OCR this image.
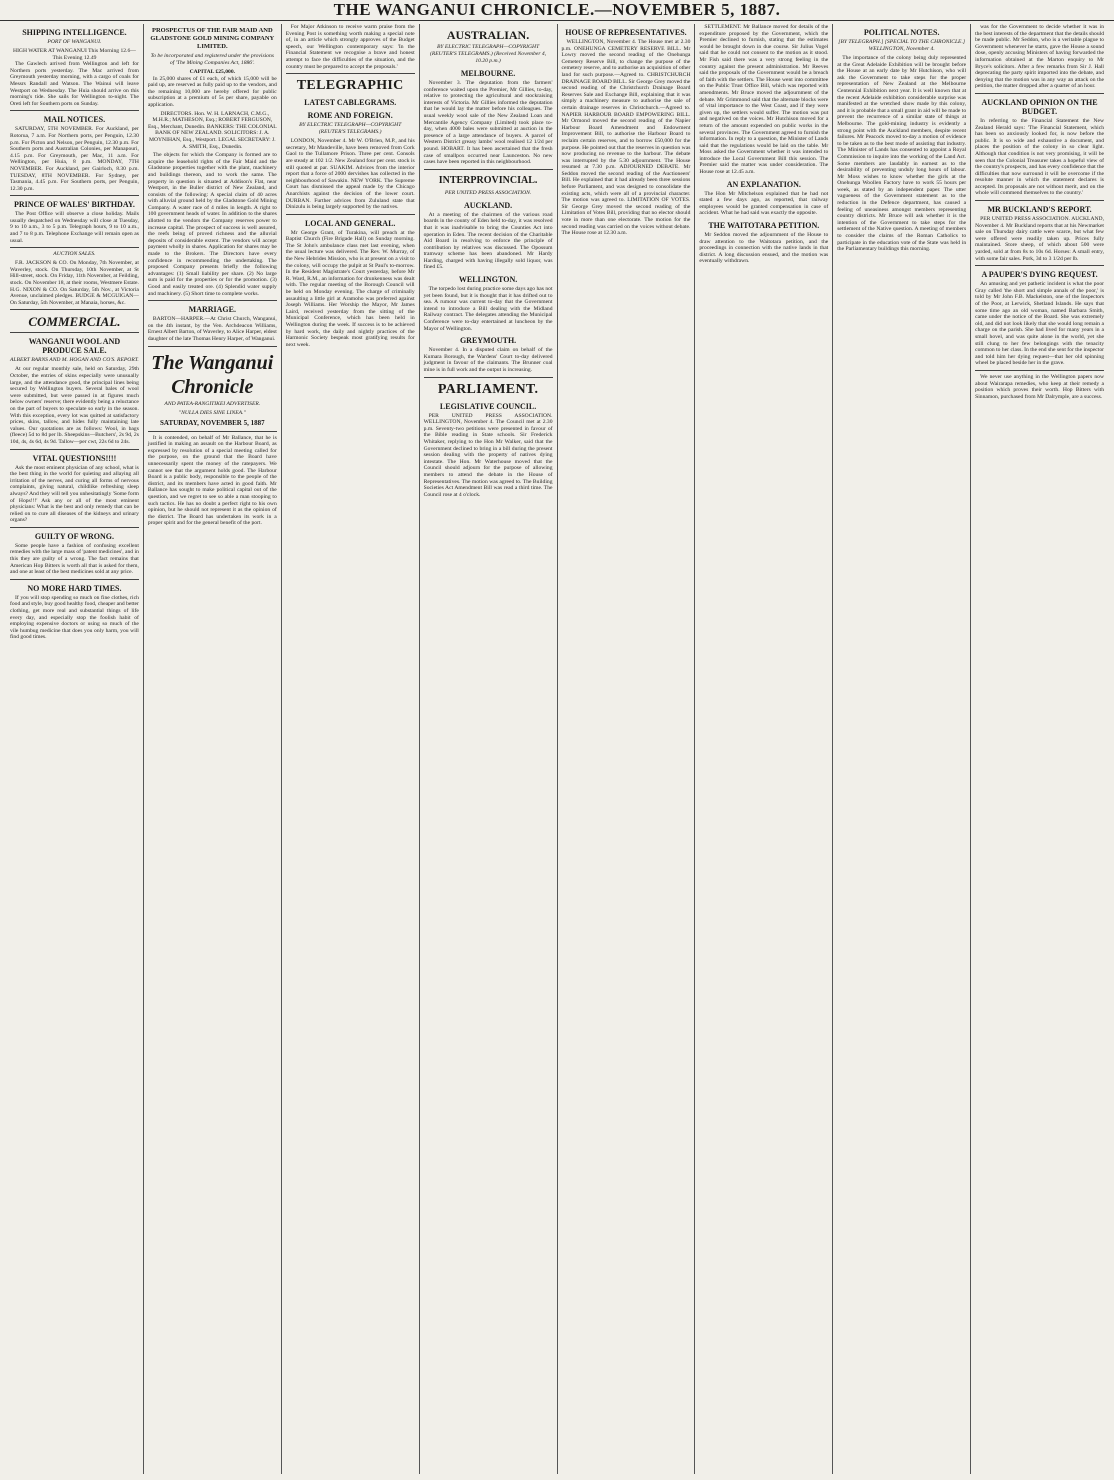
THE WANGANUI CHRONICLE.—NOVEMBER 5, 1887.
SHIPPING INTELLIGENCE.
PORT OF WANGANUI.
HIGH WATER AT WANGANUI This Morning 12.6—This Evening 12.49
The Gawlech arrived from Wellington and left for Northern ports yesterday. The Mac arrived from Greymouth yesterday morning, with a cargo of coals for Messrs Randall and Watson. The Wainui will leave Westport on Wednesday. The Huia should arrive on this morning's tide. She sails for Wellington to-night. The Oreti left for Southern ports on Sunday.
MAIL NOTICES.
SATURDAY, 5TH NOVEMBER. For Auckland, per Rotorua, 7 a.m. For Northern ports, per Penguin, 12.30 p.m. For Picton and Nelson, per Penguin, 12.30 p.m. For Southern ports and Australian Colonies, per Manapouri, 4.15 p.m. For Greymouth, per Mac, 11 a.m. For Wellington, per Huia, 8 p.m. MONDAY, 7TH NOVEMBER. For Auckland, per Gairloch, 8.30 p.m. TUESDAY, 8TH NOVEMBER. For Sydney, per Tasmania, 4.45 p.m. For Southern ports, per Penguin, 12.30 p.m.
PRINCE OF WALES' BIRTHDAY.
The Post Office will observe a close holiday. Mails usually despatched on Wednesday will close at Tuesday, 9 to 10 a.m., 3 to 5 p.m. Telegraph hours, 9 to 10 a.m., and 7 to 8 p.m. Telephone Exchange will remain open as usual.
AUCTION SALES.
F.R. JACKSON & CO. On Monday, 7th November, at Waverley, stock. On Thursday, 10th November, at St Hill-street, stock. On Friday, 11th November, at Feilding, stock. On November 18, at their rooms, Westmere Estate. H.G. NIXON & CO. On Saturday, 5th Nov., at Victoria Avenue, unclaimed pledges. BUDGE & MCGUIGAN—On Saturday, 5th November, at Manaia, horses, &c.
COMMERCIAL.
WANGANUI WOOL AND PRODUCE SALE.
ALBERT BARNS AND M. HOGAN AND CO'S. REPORT.
At our regular monthly sale, held on Saturday, 29th October, the entries of skins especially were unusually large, and the attendance good, the principal lines being secured by Wellington buyers. Several bales of wool were submitted, but were passed in at figures much below owners' reserve; there evidently being a reluctance on the part of buyers to speculate so early in the season. With this exception, every lot was quitted at satisfactory prices, skins, tallow, and hides fully maintaining late values. Our quotations are as follows: Wool, in bags (fleece) 5d to 8d per lb. Sheepskins—Butchers', 2s 9d, 2s 10d, 4s, 4s 6d, 4s 9d. Tallow—per cwt, 22s 6d to 24s.
VITAL QUESTIONS!!!!
Ask the most eminent physician of any school, what is the best thing in the world for quieting and allaying all irritation of the nerves, and curing all forms of nervous complaints, giving natural, childlike refreshing sleep always? And they will tell you unhesitatingly 'Some form of Hops!!!' Ask any or all of the most eminent physicians: What is the best and only remedy that can be relied on to cure all diseases of the kidneys and urinary organs?
GUILTY OF WRONG.
Some people have a fashion of confusing excellent remedies with the large mass of 'patent medicines', and in this they are guilty of a wrong. The fact remains that American Hop Bitters is worth all that is asked for them, and one at least of the best medicines sold at any price.
NO MORE HARD TIMES.
If you will stop spending so much on fine clothes, rich food and style, buy good healthy food, cheaper and better clothing, get more real and substantial things of life every day, and especially stop the foolish habit of employing expensive doctors or using so much of the vile humbug medicine that does you only harm, you will find good times.
PROSPECTUS OF THE FAIR MAID AND GLADSTONE GOLD MINING COMPANY LIMITED.
To be incorporated and registered under the provisions of 'The Mining Companies Act, 1886'.
CAPITAL £25,000.
In 25,000 shares of £1 each, of which 15,000 will be paid up, are reserved as fully paid up to the vendors, and the remaining 10,000 are hereby offered for public subscription at a premium of 5s per share, payable on application.
DIRECTORS. Hon. W. H. LARNACH, C.M.G., M.H.R.; MATHESON, Esq.; ROBERT FERGUSON, Esq., Merchant, Dunedin. BANKERS: THE COLONIAL BANK OF NEW ZEALAND. SOLICITORS: J. A. MOYNIHAN, Esq., Westport. LEGAL SECRETARY: J. A. SMITH, Esq., Dunedin.
The objects for which the Company is formed are to acquire the leasehold rights of the Fair Maid and the Gladstone properties together with the plant, machinery and buildings thereon, and to work the same. The property in question is situated at Addison's Flat, near Westport, in the Buller district of New Zealand, and consists of the following: A special claim of 40 acres with alluvial ground held by the Gladstone Gold Mining Company. A water race of 4 miles in length. A right to 100 government heads of water. In addition to the shares allotted to the vendors the Company reserves power to increase capital. The prospect of success is well assured, the reefs being of proved richness and the alluvial deposits of considerable extent. The vendors will accept payment wholly in shares. Application for shares may be made to the Brokers. The Directors have every confidence in recommending the undertaking. The proposed Company presents briefly the following advantages: (1) Small liability per share. (2) No large sum is paid for the properties or for the promotion. (3) Good and easily treated ore. (4) Splendid water supply and machinery. (5) Short time to complete works.
MARRIAGE.
BARTON—HARPER.—At Christ Church, Wanganui, on the 4th instant, by the Ven. Archdeacon Williams, Ernest Albert Barton, of Waverley, to Alice Harper, eldest daughter of the late Thomas Henry Harper, of Wanganui.
The Wanganui Chronicle
AND PATEA-RANGITIKEI ADVERTISER.
"NULLA DIES SINE LINEA."
SATURDAY, NOVEMBER 5, 1887
It is contended, on behalf of Mr Ballance, that he is justified in making an assault on the Harbour Board, as expressed by resolution of a special meeting called for the purpose, on the ground that the Board have unnecessarily spent the money of the ratepayers. We cannot see that the argument holds good. The Harbour Board is a public body, responsible to the people of the district, and its members have acted in good faith. Mr Ballance has sought to make political capital out of the question, and we regret to see so able a man stooping to such tactics. He has no doubt a perfect right to his own opinion, but he should not represent it as the opinion of the district. The Board has undertaken its work in a proper spirit and for the general benefit of the port.
For Major Atkinson to receive warm praise from the Evening Post is something worth making a special note of, in an article which strongly approves of the Budget speech, our Wellington contemporary says: 'In the Financial Statement we recognise a brave and honest attempt to face the difficulties of the situation, and the country must be prepared to accept the proposals.'
TELEGRAPHIC
LATEST CABLEGRAMS.
ROME AND FOREIGN.
BY ELECTRIC TELEGRAPH—COPYRIGHT (REUTER'S TELEGRAMS.)
LONDON, November 4. Mr W. O'Brien, M.P., and his secretary, Mr Mandeville, have been removed from Cork Gaol to the Tullamore Prison. Three per cent. Consols are steady at 102 1/2. New Zealand four per cent. stock is still quoted at par. SUAKIM. Advices from the interior report that a force of 2000 dervishes has collected in the neighbourhood of Sawakin. NEW YORK. The Supreme Court has dismissed the appeal made by the Chicago Anarchists against the decision of the lower court. DURBAN. Further advices from Zululand state that Dinizulu is being largely supported by the natives.
LOCAL AND GENERAL.
Mr George Grant, of Turakina, will preach at the Baptist Church (Fire Brigade Hall) on Sunday morning. The St John's ambulance class met last evening, when the usual lecture was delivered. The Rev. W. Murray, of the New Hebrides Mission, who is at present on a visit to the colony, will occupy the pulpit at St Paul's to-morrow. In the Resident Magistrate's Court yesterday, before Mr R. Ward, R.M., an information for drunkenness was dealt with. The regular meeting of the Borough Council will be held on Monday evening. The charge of criminally assaulting a little girl at Aramoho was preferred against Joseph Williams. Her Worship the Mayor, Mr James Laird, received yesterday from the sitting of the Municipal Conference, which has been held in Wellington during the week. If success is to be achieved by hard work, the daily and nightly practices of the Harmonic Society bespeak most gratifying results for next week.
AUSTRALIAN.
BY ELECTRIC TELEGRAPH—COPYRIGHT (REUTER'S TELEGRAMS.) (Received November 4, 10.20 p.m.)
MELBOURNE.
November 3. The deputation from the farmers' conference waited upon the Premier, Mr Gillies, to-day, relative to protecting the agricultural and stockraising interests of Victoria. Mr Gillies informed the deputation that he would lay the matter before his colleagues. The usual weekly wool sale of the New Zealand Loan and Mercantile Agency Company (Limited) took place to-day, when 4000 bales were submitted at auction in the presence of a large attendance of buyers. A parcel of Western District greasy lambs' wool realised 12 1/2d per pound. HOBART. It has been ascertained that the fresh case of smallpox occurred near Launceston. No new cases have been reported in this neighbourhood.
INTERPROVINCIAL.
PER UNITED PRESS ASSOCIATION.
AUCKLAND.
At a meeting of the chairmen of the various road boards in the county of Eden held to-day, it was resolved that it was inadvisable to bring the Counties Act into operation in Eden. The recent decision of the Charitable Aid Board in resolving to enforce the principle of contribution by relatives was discussed. The Opossum tramway scheme has been abandoned. Mr Hardy Harding, charged with having illegally sold liquor, was fined £5.
WELLINGTON.
The torpedo lost during practice some days ago has not yet been found, but it is thought that it has drifted out to sea. A rumour was current to-day that the Government intend to introduce a Bill dealing with the Midland Railway contract. The delegates attending the Municipal Conference were to-day entertained at luncheon by the Mayor of Wellington.
GREYMOUTH.
November 4. In a disputed claim on behalf of the Kumara Borough, the Wardens' Court to-day delivered judgment in favour of the claimants. The Brunner coal mine is in full work and the output is increasing.
PARLIAMENT.
LEGISLATIVE COUNCIL.
PER UNITED PRESS ASSOCIATION. WELLINGTON, November 4. The Council met at 2.30 p.m. Seventy-two petitions were presented in favour of the Bible reading in State schools. Sir Frederick Whitaker, replying to the Hon Mr Walker, said that the Government declined to bring in a bill during the present session dealing with the property of natives dying intestate. The Hon. Mr Waterhouse moved that the Council should adjourn for the purpose of allowing members to attend the debate in the House of Representatives. The motion was agreed to. The Building Societies Act Amendment Bill was read a third time. The Council rose at 4 o'clock.
HOUSE OF REPRESENTATIVES.
WELLINGTON, November 4. The House met at 2.30 p.m. ONEHUNGA CEMETERY RESERVE BILL. Mr Lowry moved the second reading of the Onehunga Cemetery Reserve Bill, to change the purpose of the cemetery reserve, and to authorise an acquisition of other land for such purpose.—Agreed to. CHRISTCHURCH DRAINAGE BOARD BILL. Sir George Grey moved the second reading of the Christchurch Drainage Board Reserves Sale and Exchange Bill, explaining that it was simply a machinery measure to authorise the sale of certain drainage reserves in Christchurch.—Agreed to. NAPIER HARBOUR BOARD EMPOWERING BILL. Mr Ormond moved the second reading of the Napier Harbour Board Amendment and Endowment Improvement Bill, to authorise the Harbour Board to reclaim certain reserves, and to borrow £50,000 for the purpose. He pointed out that the reserves in question was now producing no revenue to the harbour. The debate was interrupted by the 5.30 adjournment. The House resumed at 7.30 p.m. ADJOURNED DEBATE. Mr Seddon moved the second reading of the Auctioneers' Bill. He explained that it had already been three sessions before Parliament, and was designed to consolidate the existing acts, which were all of a provincial character. The motion was agreed to. LIMITATION OF VOTES. Sir George Grey moved the second reading of the Limitation of Votes Bill, providing that no elector should vote in more than one electorate. The motion for the second reading was carried on the voices without debate. The House rose at 12.30 a.m.
SETTLEMENT. Mr Ballance moved for details of the expenditure proposed by the Government, which the Premier declined to furnish, stating that the estimates would be brought down in due course. Sir Julius Vogel said that he could not consent to the motion as it stood. Mr Fish said there was a very strong feeling in the country against the present administration. Mr Reeves said the proposals of the Government would be a breach of faith with the settlers. The House went into committee on the Public Trust Office Bill, which was reported with amendments. Mr Bruce moved the adjournment of the debate. Mr Grimmond said that the alternate blocks were of vital importance to the West Coast, and if they were given up, the settlers would suffer. The motion was put and negatived on the voices. Mr Hutchison moved for a return of the amount expended on public works in the several provinces. The Government agreed to furnish the information. In reply to a question, the Minister of Lands said that the regulations would be laid on the table. Mr Moss asked the Government whether it was intended to introduce the Local Government Bill this session. The Premier said the matter was under consideration. The House rose at 12.45 a.m.
AN EXPLANATION.
The Hon Mr Mitchelson explained that he had not stated a few days ago, as reported, that railway employees would be granted compensation in case of accident. What he had said was exactly the opposite.
THE WAITOTARA PETITION.
Mr Seddon moved the adjournment of the House to draw attention to the Waitotara petition, and the proceedings in connection with the native lands in that district. A long discussion ensued, and the motion was eventually withdrawn.
POLITICAL NOTES.
[BY TELEGRAPH.] [SPECIAL TO THE CHRONICLE.] WELLINGTON, November 4.
The importance of the colony being duly represented at the Great Adelaide Exhibition will be brought before the House at an early date by Mr Hutchison, who will ask the Government to take steps for the proper representation of New Zealand at the Melbourne Centennial Exhibition next year. It is well known that at the recent Adelaide exhibition considerable surprise was manifested at the wretched show made by this colony, and it is probable that a small grant in aid will be made to prevent the recurrence of a similar state of things at Melbourne. The gold-mining industry is evidently a strong point with the Auckland members, despite recent failures. Mr Peacock moved to-day a motion of evidence to be taken as to the best mode of assisting that industry. The Minister of Lands has consented to appoint a Royal Commission to inquire into the working of the Land Act. Some members are laudably in earnest as to the desirability of preventing unduly long hours of labour. Mr Moss wishes to know whether the girls at the Onehunga Woollen Factory have to work 55 hours per week, as stated by an independent paper. The utter vagueness of the Government statement as to the reduction in the Defence department, has caused a feeling of uneasiness amongst members representing country districts. Mr Bruce will ask whether it is the intention of the Government to take steps for the settlement of the Native question. A meeting of members to consider the claims of the Roman Catholics to participate in the education vote of the State was held in the Parliamentary buildings this morning.
was for the Government to decide whether it was in the best interests of the department that the details should be made public. Mr Seddon, who is a veritable plague to Government whenever he starts, gave the House a sound dose, openly accusing Ministers of having forwarded the information obtained at the Marton enquiry to Mr Bryce's solicitors. After a few remarks from Sir J. Hall deprecating the party spirit imported into the debate, and denying that the motion was in any way an attack on the petition, the matter dropped after a quarter of an hour.
AUCKLAND OPINION ON THE BUDGET.
In referring to the Financial Statement the New Zealand Herald says: 'The Financial Statement, which has been so anxiously looked for, is now before the public. It is so wide and exhaustive a document, and places the position of the colony in so clear light. Although that condition is not very promising, it will be seen that the Colonial Treasurer takes a hopeful view of the country's prospects, and has every confidence that the difficulties that now surround it will be overcome if the resolute manner in which the statement declares is accepted. Its proposals are not without merit, and on the whole will commend themselves to the country.'
MR BUCKLAND'S REPORT.
PER UNITED PRESS ASSOCIATION. AUCKLAND, November 4. Mr Buckland reports that at his Newmarket sale on Thursday dairy cattle were scarce, but what few were offered were readily taken up. Prices fully maintained. Store sheep, of which about 500 were yarded, sold at from 8s to 10s 6d. Horses: A small entry, with some fair sales. Pork, 3d to 3 1/2d per lb.
A PAUPER'S DYING REQUEST.
An amusing and yet pathetic incident is what the poor Gray called 'the short and simple annals of the poor,' is told by Mr John F.B. Mackelston, one of the Inspectors of the Poor, at Lerwick, Shetland Islands. He says that some time ago an old woman, named Barbara Smith, came under the notice of the Board. She was extremely old, and did not look likely that she would long remain a charge on the parish. She had lived for many years in a small hovel, and was quite alone in the world, yet she still clung to her few belongings with the tenacity common to her class. In the end she sent for the inspector and told him her dying request—that her old spinning wheel be placed beside her in the grave.
We never use anything in the Wellington papers now about Wairarapa remedies, who keep at their remedy a position which proves their worth. Hop Bitters with Sinnamon, purchased from Mr Dalrymple, are a success.
